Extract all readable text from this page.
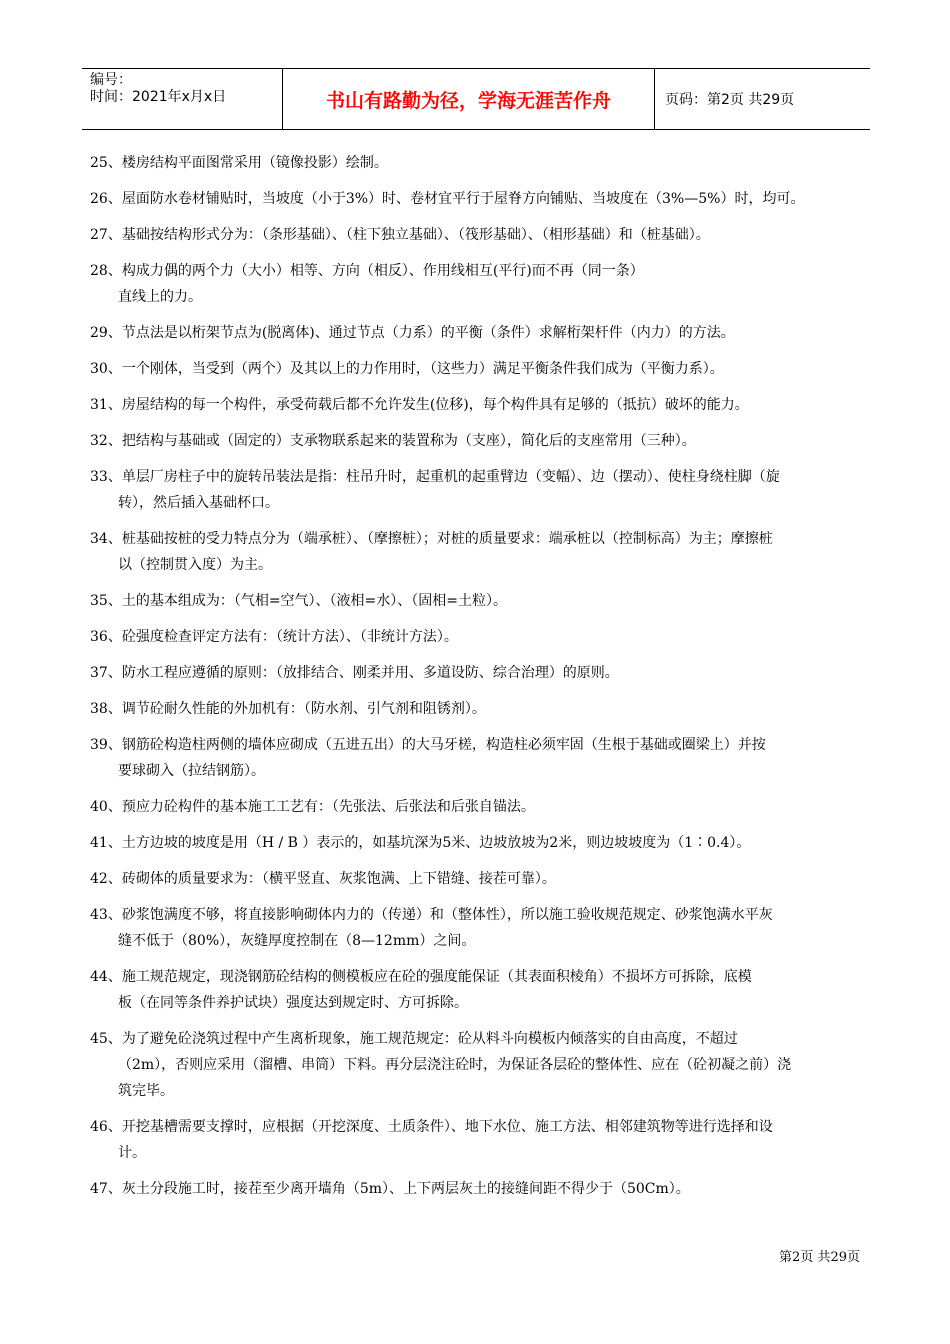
编号：
时间：2021年x月x日	书山有路勤为径，学海无涯苦作舟	页码：第2页 共29页

25、楼房结构平面图常采用（镜像投影）绘制。

26、屋面防水卷材铺贴时，当坡度（小于3%）时、卷材宜平行于屋脊方向铺贴、当坡度在（3%—5%）时，均可。

27、基础按结构形式分为：（条形基础）、（柱下独立基础）、（筏形基础）、（相形基础）和（桩基础）。

28、构成力偶的两个力（大小）相等、方向（相反）、作用线相互(平行)而不再（同一条）
直线上的力。

29、节点法是以桁架节点为(脱离体)、通过节点（力系）的平衡（条件）求解桁架杆件（内力）的方法。

30、一个刚体，当受到（两个）及其以上的力作用时，（这些力）满足平衡条件我们成为（平衡力系）。

31、房屋结构的每一个构件，承受荷载后都不允许发生(位移)，每个构件具有足够的（抵抗）破坏的能力。

32、把结构与基础或（固定的）支承物联系起来的装置称为（支座），简化后的支座常用（三种）。

33、单层厂房柱子中的旋转吊装法是指：柱吊升时，起重机的起重臂边（变幅）、边（摆动）、使柱身绕柱脚（旋
转），然后插入基础杯口。

34、桩基础按桩的受力特点分为（端承桩）、（摩擦桩）；对桩的质量要求：端承桩以（控制标高）为主；摩擦桩
以（控制贯入度）为主。

35、土的基本组成为：（气相=空气）、（液相=水）、（固相=土粒）。

36、砼强度检查评定方法有：（统计方法）、（非统计方法）。

37、防水工程应遵循的原则：（放排结合、刚柔并用、多道设防、综合治理）的原则。

38、调节砼耐久性能的外加机有：（防水剂、引气剂和阻锈剂）。

39、钢筋砼构造柱两侧的墙体应砌成（五进五出）的大马牙槎，构造柱必须牢固（生根于基础或圈梁上）并按
要球砌入（拉结钢筋）。

40、预应力砼构件的基本施工工艺有：（先张法、后张法和后张自锚法。

41、土方边坡的坡度是用（H / B ）表示的，如基坑深为5米、边坡放坡为2米，则边坡坡度为（1∶0.4）。

42、砖砌体的质量要求为：（横平竖直、灰浆饱满、上下错缝、接茬可靠）。

43、砂浆饱满度不够，将直接影响砌体内力的（传递）和（整体性），所以施工验收规范规定、砂浆饱满水平灰
缝不低于（80%），灰缝厚度控制在（8—12mm）之间。

44、施工规范规定，现浇钢筋砼结构的侧模板应在砼的强度能保证（其表面积棱角）不损坏方可拆除，底模
板（在同等条件养护试块）强度达到规定时、方可拆除。

45、为了避免砼浇筑过程中产生离析现象，施工规范规定：砼从料斗向模板内倾落实的自由高度，不超过
（2m），否则应采用（溜槽、串筒）下料。再分层浇注砼时，为保证各层砼的整体性、应在（砼初凝之前）浇
筑完毕。

46、开挖基槽需要支撑时，应根据（开挖深度、土质条件）、地下水位、施工方法、相邻建筑物等进行选择和设
计。

47、灰土分段施工时，接茬至少离开墙角（5m）、上下两层灰土的接缝间距不得少于（50Cm）。

第2页 共29页
